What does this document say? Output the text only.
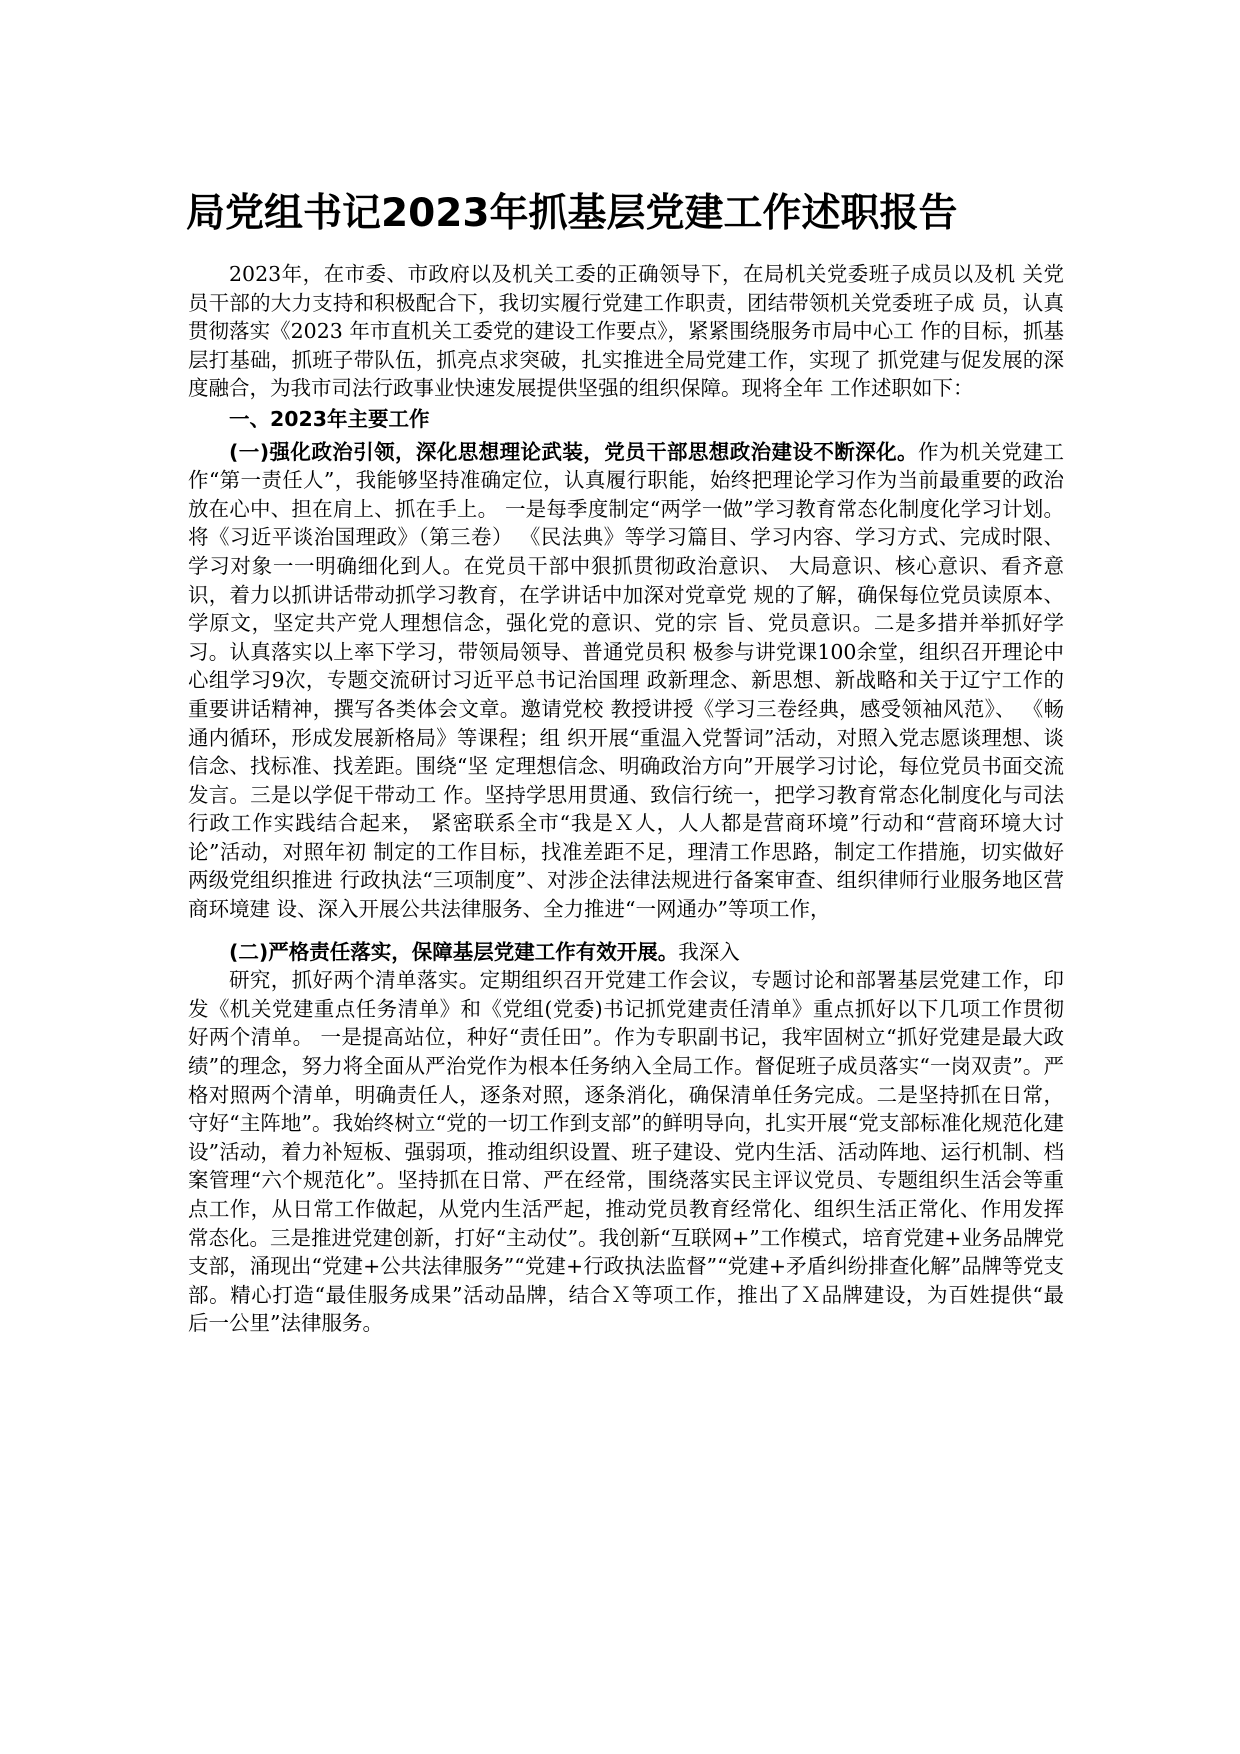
局党组书记2023年抓基层党建工作述职报告

2023年，在市委、市政府以及机关工委的正确领导下，在局机关党委班子成员以及机 关党员干部的大力支持和积极配合下，我切实履行党建工作职责，团结带领机关党委班子成 员，认真贯彻落实《2023 年市直机关工委党的建设工作要点》，紧紧围绕服务市局中心工 作的目标，抓基层打基础，抓班子带队伍，抓亮点求突破，扎实推进全局党建工作，实现了 抓党建与促发展的深度融合，为我市司法行政事业快速发展提供坚强的组织保障。现将全年 工作述职如下：

一、2023年主要工作

(一)强化政治引领，深化思想理论武装，党员干部思想政治建设不断深化。作为机关党建工作“第一责任人”，我能够坚持准确定位，认真履行职能，始终把理论学习作为当前最重要的政治放在心中、担在肩上、抓在手上。 一是每季度制定“两学一做”学习教育常态化制度化学习计划。将《习近平谈治国理政》（第三卷） 《民法典》等学习篇目、学习内容、学习方式、完成时限、学习对象一一明确细化到人。在党员干部中狠抓贯彻政治意识、 大局意识、核心意识、看齐意识，着力以抓讲话带动抓学习教育，在学讲话中加深对党章党 规的了解，确保每位党员读原本、学原文，坚定共产党人理想信念，强化党的意识、党的宗 旨、党员意识。二是多措并举抓好学习。认真落实以上率下学习，带领局领导、普通党员积 极参与讲党课100余堂，组织召开理论中心组学习9次，专题交流研讨习近平总书记治国理 政新理念、新思想、新战略和关于辽宁工作的重要讲话精神，撰写各类体会文章。邀请党校 教授讲授《学习三卷经典，感受领袖风范》、 《畅通内循环，形成发展新格局》等课程；组 织开展“重温入党誓词”活动，对照入党志愿谈理想、谈信念、找标准、找差距。围绕“坚 定理想信念、明确政治方向”开展学习讨论，每位党员书面交流发言。三是以学促干带动工 作。坚持学思用贯通、致信行统一，把学习教育常态化制度化与司法行政工作实践结合起来， 紧密联系全市“我是Ｘ人，人人都是营商环境”行动和“营商环境大讨论”活动，对照年初 制定的工作目标，找准差距不足，理清工作思路，制定工作措施，切实做好两级党组织推进 行政执法“三项制度”、对涉企法律法规进行备案审查、组织律师行业服务地区营商环境建 设、深入开展公共法律服务、全力推进“一网通办”等项工作，

(二)严格责任落实，保障基层党建工作有效开展。我深入

研究，抓好两个清单落实。定期组织召开党建工作会议，专题讨论和部署基层党建工作，印发《机关党建重点任务清单》和《党组(党委)书记抓党建责任清单》重点抓好以下几项工作贯彻好两个清单。 一是提高站位，种好“责任田”。作为专职副书记，我牢固树立“抓好党建是最大政绩”的理念，努力将全面从严治党作为根本任务纳入全局工作。督促班子成员落实“一岗双责”。严格对照两个清单，明确责任人，逐条对照，逐条消化，确保清单任务完成。二是坚持抓在日常，守好“主阵地”。我始终树立“党的一切工作到支部”的鲜明导向，扎实开展“党支部标准化规范化建设”活动，着力补短板、强弱项，推动组织设置、班子建设、党内生活、活动阵地、运行机制、档案管理“六个规范化”。坚持抓在日常、严在经常，围绕落实民主评议党员、专题组织生活会等重点工作，从日常工作做起，从党内生活严起，推动党员教育经常化、组织生活正常化、作用发挥常态化。三是推进党建创新，打好“主动仗”。我创新“互联网+”工作模式，培育党建+业务品牌党支部，涌现出“党建+公共法律服务”“党建+行政执法监督”“党建+矛盾纠纷排查化解”品牌等党支部。精心打造“最佳服务成果”活动品牌，结合Ｘ等项工作，推出了Ｘ品牌建设，为百姓提供“最 后一公里”法律服务。
